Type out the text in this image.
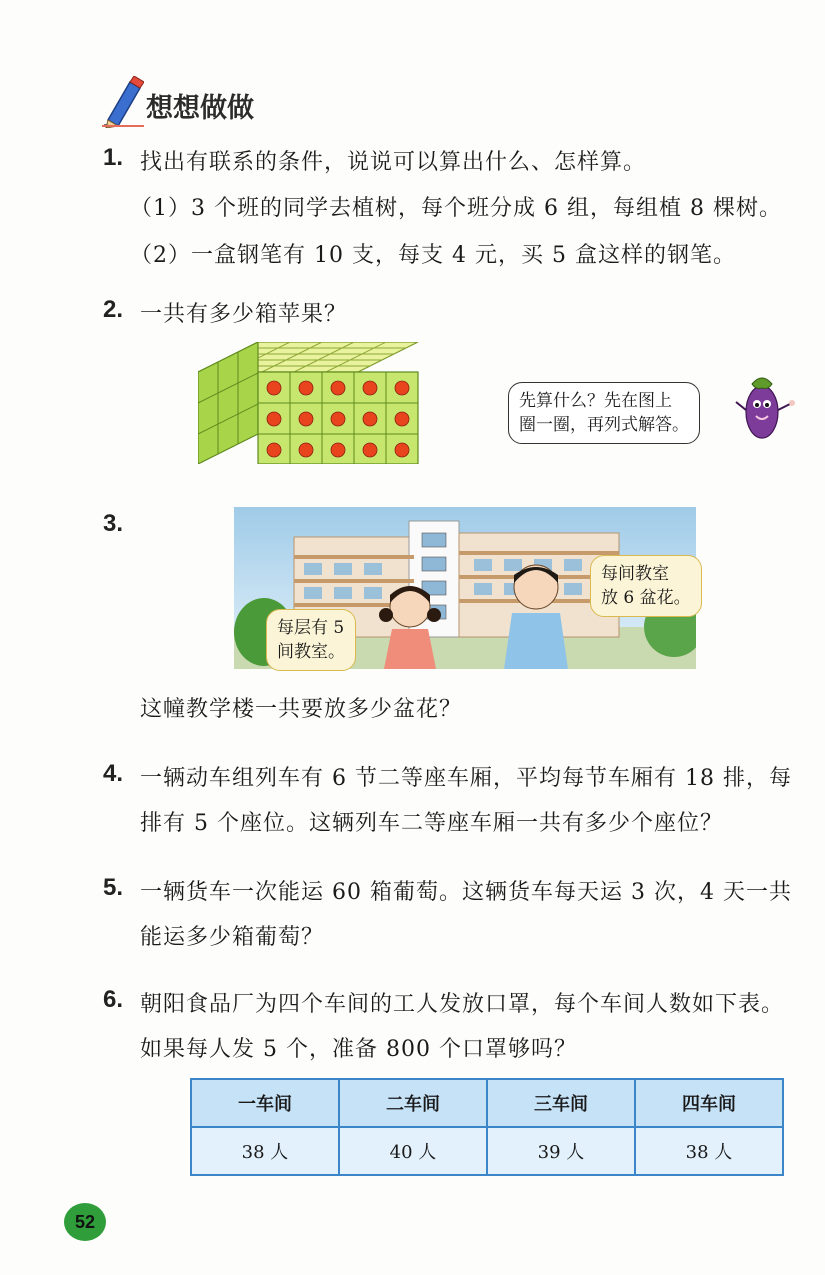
想想做做
1. 找出有联系的条件，说说可以算出什么、怎样算。
（1）3 个班的同学去植树，每个班分成 6 组，每组植 8 棵树。
（2）一盒钢笔有 10 支，每支 4 元，买 5 盒这样的钢笔。
2. 一共有多少箱苹果？
先算什么？先在图上
圈一圈，再列式解答。
3.
每层有 5
间教室。
每间教室
放 6 盆花。
这幢教学楼一共要放多少盆花？
4. 一辆动车组列车有 6 节二等座车厢，平均每节车厢有 18 排，每
排有 5 个座位。这辆列车二等座车厢一共有多少个座位？
5. 一辆货车一次能运 60 箱葡萄。这辆货车每天运 3 次，4 天一共
能运多少箱葡萄？
6. 朝阳食品厂为四个车间的工人发放口罩，每个车间人数如下表。
如果每人发 5 个，准备 800 个口罩够吗？
一车间	二车间	三车间	四车间
38 人	40 人	39 人	38 人
52
